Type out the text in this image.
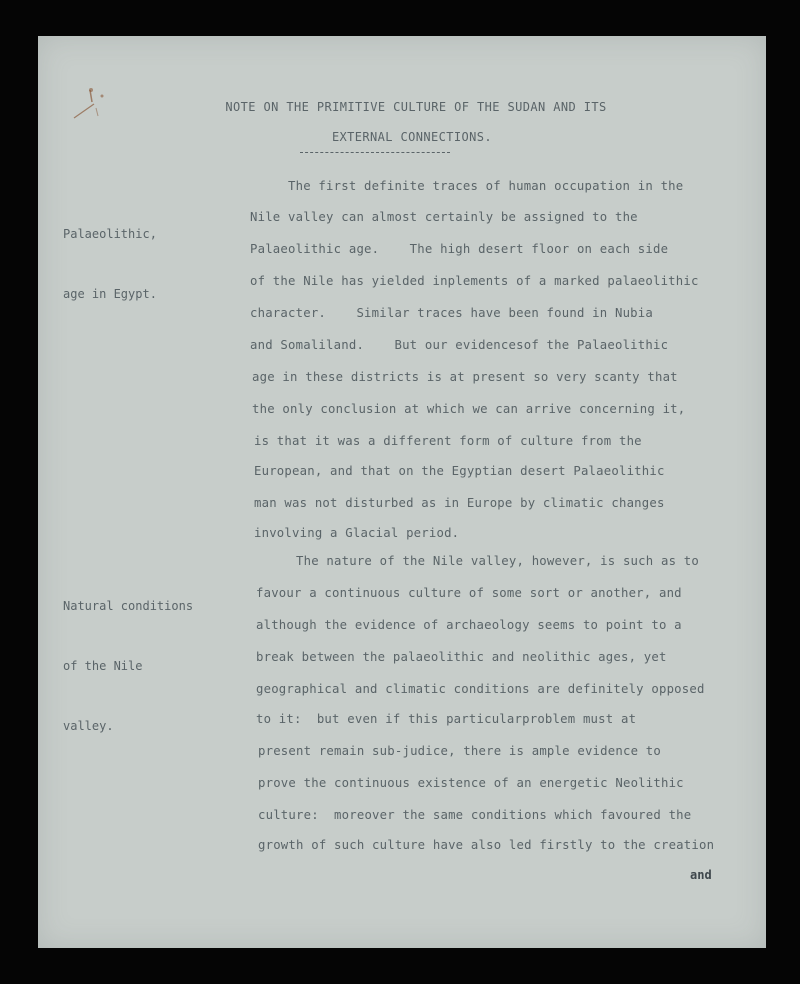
NOTE ON THE PRIMITIVE CULTURE OF THE SUDAN AND ITS
EXTERNAL CONNECTIONS.

Palaeolithic,

age in Egypt.

Natural conditions

of the Nile

valley.

The first definite traces of human occupation in the
Nile valley can almost certainly be assigned to the
Palaeolithic age.    The high desert floor on each side
of the Nile has yielded inplements of a marked palaeolithic
character.    Similar traces have been found in Nubia
and Somaliland.    But our evidencesof the Palaeolithic
age in these districts is at present so very scanty that
the only conclusion at which we can arrive concerning it,
is that it was a different form of culture from the
European, and that on the Egyptian desert Palaeolithic
man was not disturbed as in Europe by climatic changes
involving a Glacial period.
The nature of the Nile valley, however, is such as to
favour a continuous culture of some sort or another, and
although the evidence of archaeology seems to point to a
break between the palaeolithic and neolithic ages, yet
geographical and climatic conditions are definitely opposed
to it:  but even if this particularproblem must at
present remain sub-judice, there is ample evidence to
prove the continuous existence of an energetic Neolithic
culture:  moreover the same conditions which favoured the
growth of such culture have also led firstly to the creation
and
